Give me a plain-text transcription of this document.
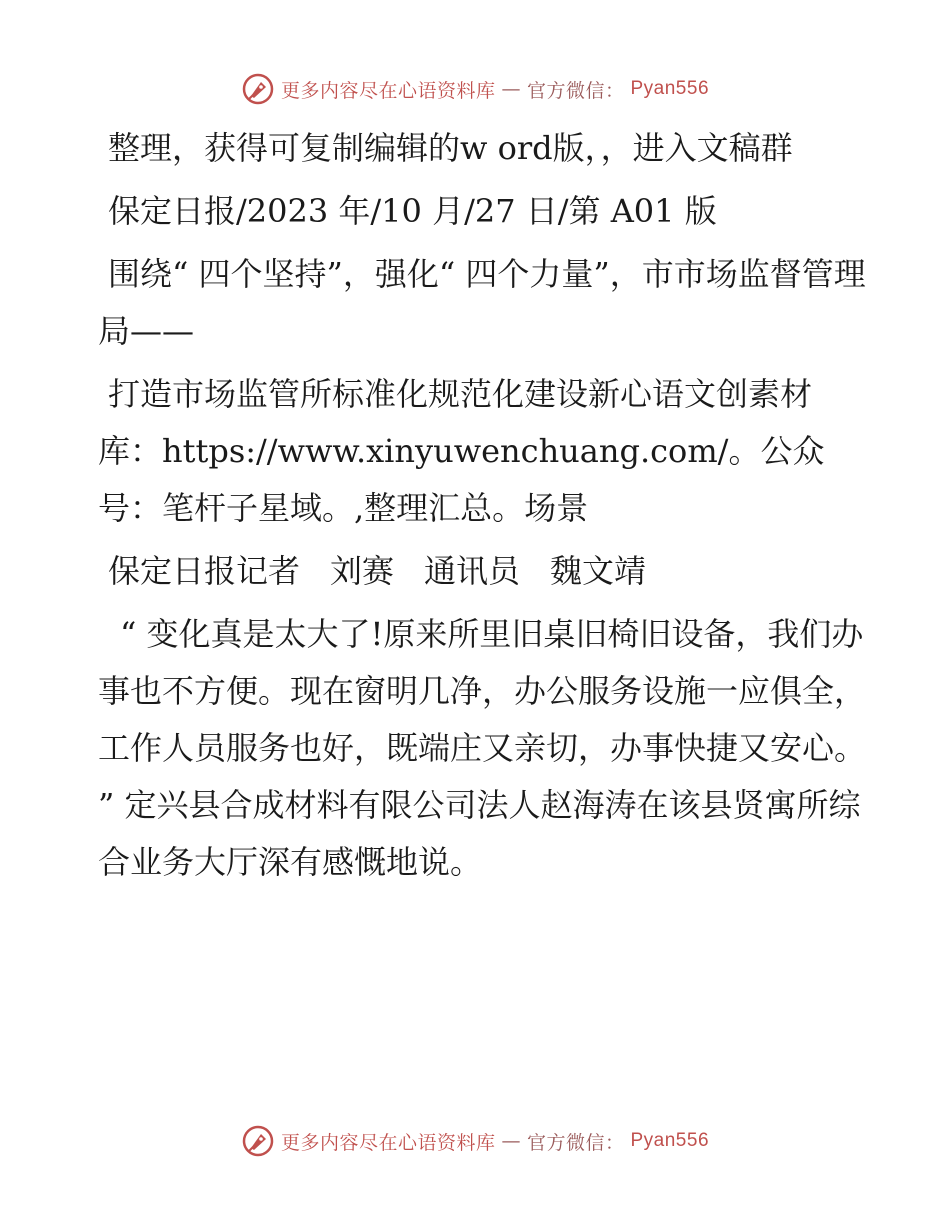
更多内容尽在心语资料库 — 官方微信： Pyan556

整理，获得可复制编辑的w ord版，，进入文稿群

保定日报/2023 年/10 月/27 日/第 A01 版

围绕“ 四个坚持”，强化“ 四个力量”，市市场监督管理局——

打造市场监管所标准化规范化建设新心语文创素材库：https://www.xinyuwenchuang.com/。公众号：笔杆子星域。,整理汇总。场景

保定日报记者 刘赛 通讯员 魏文靖

“ 变化真是太大了!原来所里旧桌旧椅旧设备，我们办事也不方便。现在窗明几净，办公服务设施一应俱全，工作人员服务也好，既端庄又亲切，办事快捷又安心。 ” 定兴县合成材料有限公司法人赵海涛在该县贤寓所综合业务大厅深有感慨地说。

更多内容尽在心语资料库 — 官方微信： Pyan556
